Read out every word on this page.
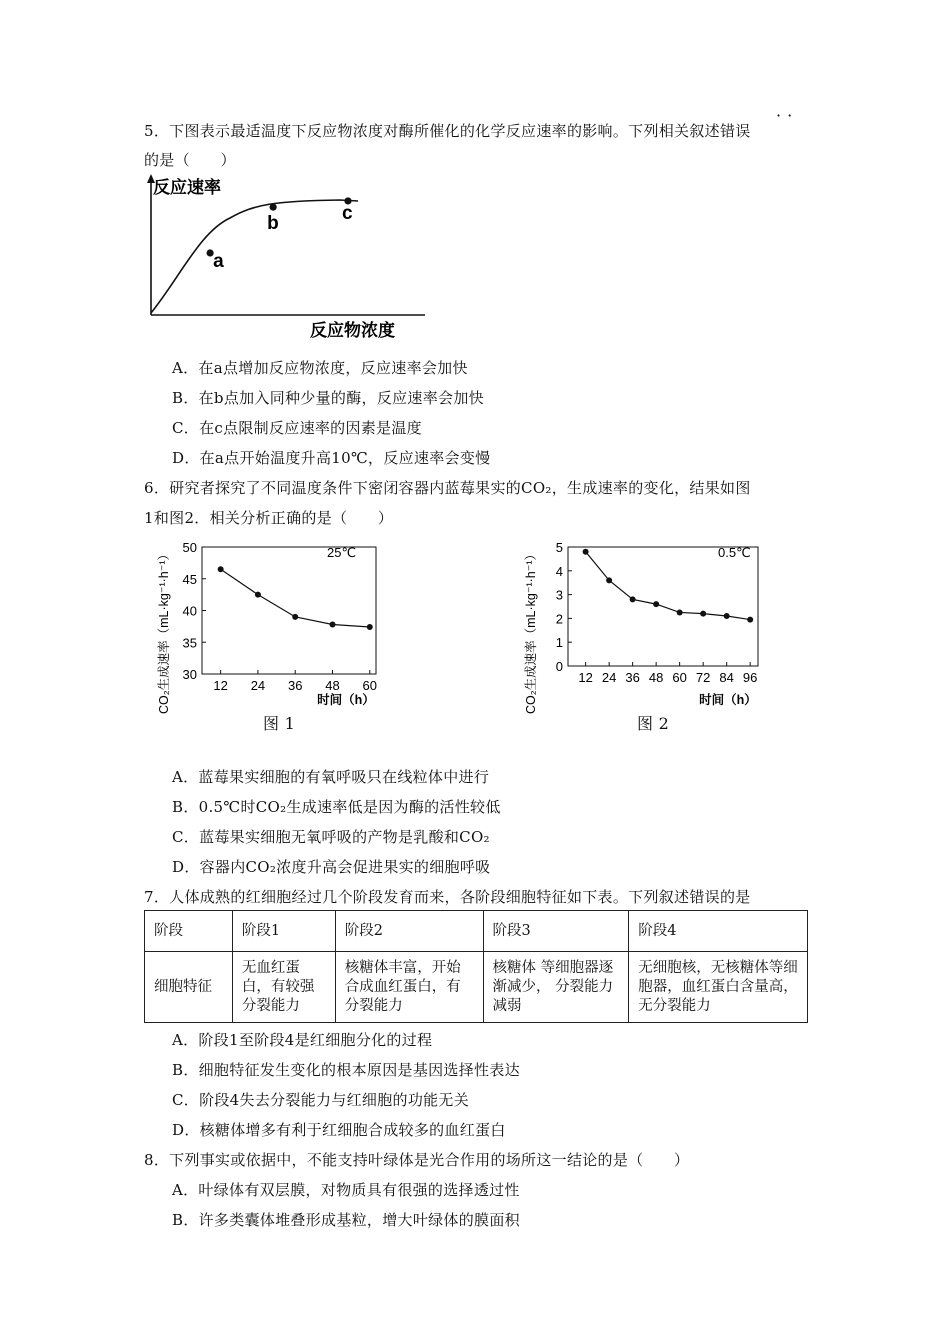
··
5．下图表示最适温度下反应物浓度对酶所催化的化学反应速率的影响。下列相关叙述错误
的是（　　）
反应速率
反应物浓度
a
b	c
A．在a点增加反应物浓度，反应速率会加快
B．在b点加入同种少量的酶，反应速率会加快
C．在c点限制反应速率的因素是温度
D．在a点开始温度升高10℃，反应速率会变慢
6．研究者探究了不同温度条件下密闭容器内蓝莓果实的CO₂，生成速率的变化，结果如图
1和图2．相关分析正确的是（　　）
CO₂生成速率（mL·kg⁻¹·h⁻¹） 30
35
40
45
50
12 24 36 48 60
时间（h）
25℃
图 1
CO₂生成速率（mL·kg⁻¹·h⁻¹） 0
1
2
3
4
5
12 24 36 48 60 72 84 96
时间（h）
0.5℃
图 2
A．蓝莓果实细胞的有氧呼吸只在线粒体中进行
B．0.5℃时CO₂生成速率低是因为酶的活性较低
C．蓝莓果实细胞无氧呼吸的产物是乳酸和CO₂
D．容器内CO₂浓度升高会促进果实的细胞呼吸
7．人体成熟的红细胞经过几个阶段发育而来，各阶段细胞特征如下表。下列叙述错误的是
阶段	阶段1	阶段2	阶段3	阶段4
细胞特征	无血红蛋白，有较强分裂能力	核糖体丰富，开始合成血红蛋白，有分裂能力	核糖体 等细胞器逐渐减少， 分裂能力减弱	无细胞核，无核糖体等细胞器，血红蛋白含量高，无分裂能力
A．阶段1至阶段4是红细胞分化的过程
B．细胞特征发生变化的根本原因是基因选择性表达
C．阶段4失去分裂能力与红细胞的功能无关
D．核糖体增多有利于红细胞合成较多的血红蛋白
8．下列事实或依据中，不能支持叶绿体是光合作用的场所这一结论的是（　　）
A．叶绿体有双层膜，对物质具有很强的选择透过性
B．许多类囊体堆叠形成基粒，增大叶绿体的膜面积
